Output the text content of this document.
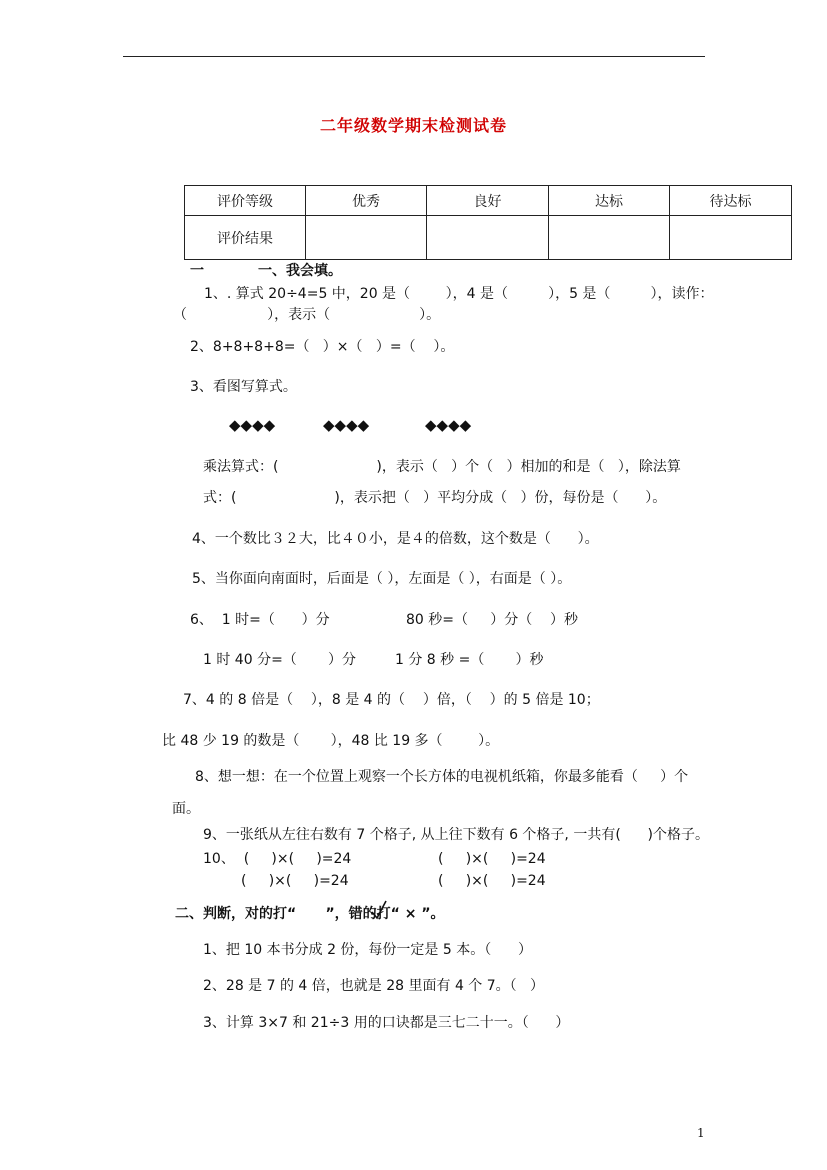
二年级数学期末检测试卷
评价等级	优秀	良好	达标	待达标
评价结果				
一	一、我会填。
1、. 算式 20÷4=5 中，20 是（        ），4 是（         ），5 是（         ），读作：
（                  ），表示（                    ）。
2、8+8+8+8=（   ）×（   ）=（    ）。
3、看图写算式。
◆◆◆◆	◆◆◆◆	◆◆◆◆
乘法算式：(                      )，表示（   ）个（   ）相加的和是（   ），除法算
式：(                      )，表示把（   ）平均分成（   ）份，每份是（      ）。
4、一个数比３２大，比４０小，是４的倍数，这个数是（      ）。
5、当你面向南面时，后面是（ ），左面是（ ），右面是（ ）。
6、  1 时=（      ）分	80 秒=（     ）分（    ）秒
1 时 40 分=（       ）分	1 分 8 秒 =（       ）秒
7、4 的 8 倍是（    ），8 是 4 的（    ）倍，（    ）的 5 倍是 10；
比 48 少 19 的数是（       ），48 比 19 多（        ）。
8、想一想：在一个位置上观察一个长方体的电视机纸箱，你最多能看（     ）个
面。
9、一张纸从左往右数有 7 个格子, 从上往下数有 6 个格子, 一共有(      )个格子。
10、  (     )×(     )=24	(     )×(     )=24
(     )×(     )=24	(     )×(     )=24
二、判断，对的打“      ”，错的打“ × ”。
1、把 10 本书分成 2 份，每份一定是 5 本。（      ）
2、28 是 7 的 4 倍，也就是 28 里面有 4 个 7。（   ）
3、计算 3×7 和 21÷3 用的口诀都是三七二十一。（      ）
1
